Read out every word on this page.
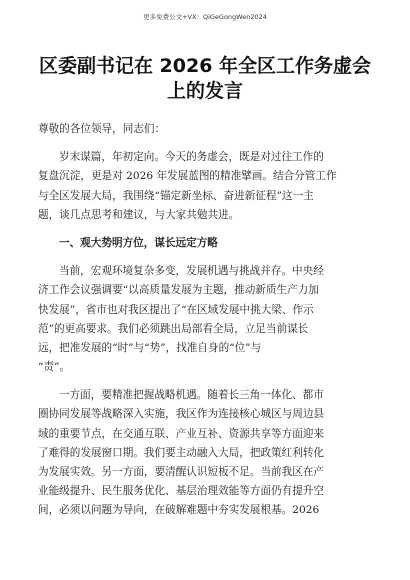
更多免费公文+VX：QiGeGongWen2024
区委副书记在 2026 年全区工作务虚会
上的发言
尊敬的各位领导，同志们：
岁末谋篇，年初定向。今天的务虚会，既是对过往工作的
复盘沉淀，更是对 2026 年发展蓝图的精准擘画。结合分管工作
与全区发展大局，我围绕“锚定新坐标、奋进新征程”这一主
题，谈几点思考和建议，与大家共勉共进。
一、观大势明方位，谋长远定方略
当前，宏观环境复杂多变，发展机遇与挑战并存。中央经
济工作会议强调要“以高质量发展为主题，推动新质生产力加
快发展”，省市也对我区提出了“在区域发展中挑大梁、作示
范”的更高要求。我们必须跳出局部看全局，立足当前谋长
远，把准发展的“时”与“势”，找准自身的“位”与
“责”。
一方面，要精准把握战略机遇。随着长三角一体化、都市
圈协同发展等战略深入实施，我区作为连接核心城区与周边县
域的重要节点，在交通互联、产业互补、资源共享等方面迎来
了难得的发展窗口期。我们要主动融入大局，把政策红利转化
为发展实效。另一方面，要清醒认识短板不足。当前我区在产
业能级提升、民生服务优化、基层治理效能等方面仍有提升空
间，必须以问题为导向，在破解难题中夯实发展根基。2026
